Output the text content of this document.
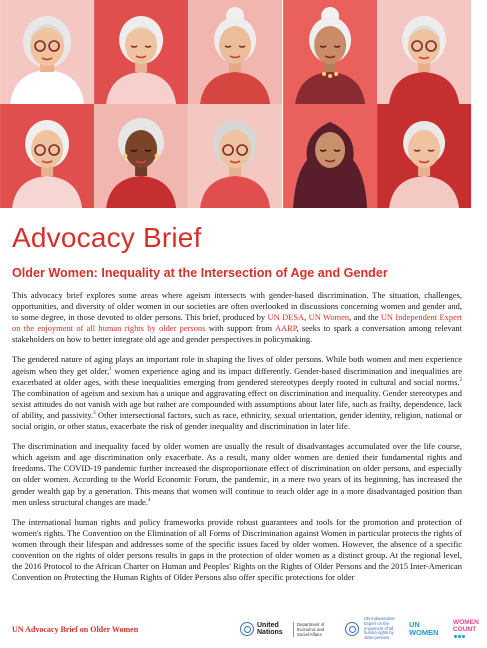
Advocacy Brief
Older Women: Inequality at the Intersection of Age and Gender

This advocacy brief explores some areas where ageism intersects with gender-based discrimination. The situation, challenges, opportunities, and diversity of older women in our societies are often overlooked in discussions concerning women and gender and, to some degree, in those devoted to older persons. This brief, produced by UN DESA, UN Women, and the UN Independent Expert on the enjoyment of all human rights by older persons with support from AARP, seeks to spark a conversation among relevant stakeholders on how to better integrate old age and gender perspectives in policymaking.

The gendered nature of aging plays an important role in shaping the lives of older persons. While both women and men experience ageism when they get older,$^1$ women experience aging and its impact differently. Gender-based discrimination and inequalities are exacerbated at older ages, with these inequalities emerging from gendered stereotypes deeply rooted in cultural and social norms.$^2$ The combination of ageism and sexism has a unique and aggravating effect on discrimination and inequality. Gender stereotypes and sexist attitudes do not vanish with age but rather are compounded with assumptions about later life, such as frailty, dependence, lack of ability, and passivity.$^3$ Other intersectional factors, such as race, ethnicity, sexual orientation, gender identity, religion, national or social origin, or other status, exacerbate the risk of gender inequality and discrimination in later life.

The discrimination and inequality faced by older women are usually the result of disadvantages accumulated over the life course, which ageism and age discrimination only exacerbate. As a result, many older women are denied their fundamental rights and freedoms. The COVID-19 pandemic further increased the disproportionate effect of discrimination on older persons, and especially on older women. According to the World Economic Forum, the pandemic, in a mere two years of its beginning, has increased the gender wealth gap by a generation. This means that women will continue to reach older age in a more disadvantaged position than men unless structural changes are made.$^4$

The international human rights and policy frameworks provide robust guarantees and tools for the promotion and protection of women's rights. The Convention on the Elimination of all Forms of Discrimination against Women in particular protects the rights of women through their lifespan and addresses some of the specific issues faced by older women. However, the absence of a specific convention on the rights of older persons results in gaps in the protection of older women as a distinct group. At the regional level, the 2016 Protocol to the African Charter on Human and Peoples' Rights on the Rights of Older Persons and the 2015 Inter-American Convention on Protecting the Human Rights of Older Persons also offer specific protections for older

UN Advocacy Brief on Older Women	United Nations
Department of Economic and Social Affairs
UN Independent Expert on the enjoyment of all human rights by older persons
UN WOMEN
WOMEN COUNT
